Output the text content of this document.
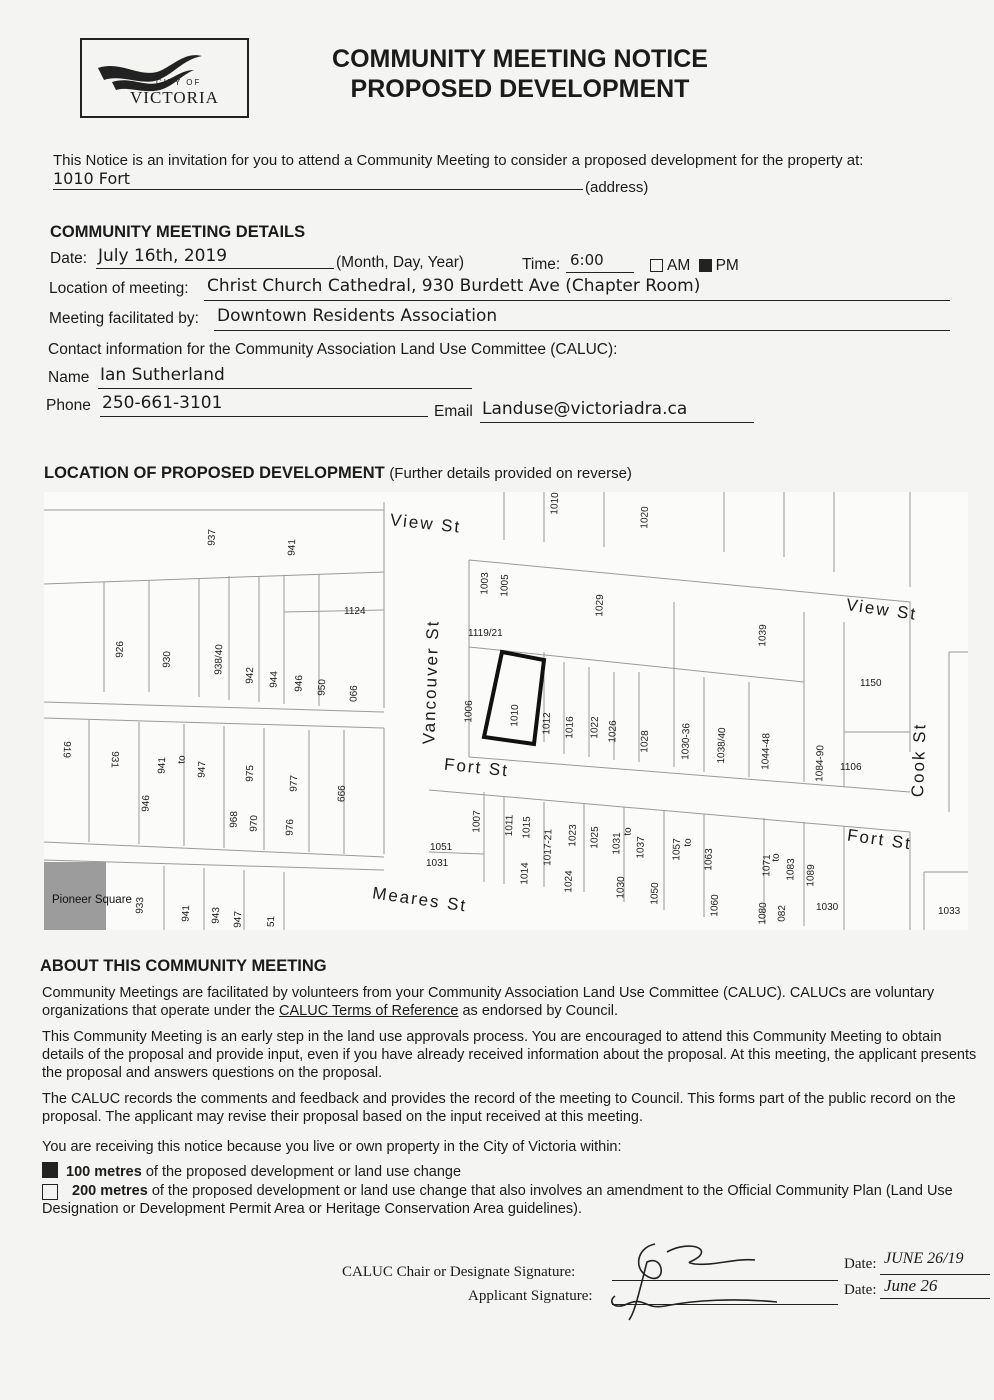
CITY OF
VICTORIA
COMMUNITY MEETING NOTICE
PROPOSED DEVELOPMENT
This Notice is an invitation for you to attend a Community Meeting to consider a proposed development for the property at:
1010 Fort	(address)
COMMUNITY MEETING DETAILS
Date: July 16th, 2019	(Month, Day, Year)	Time: 6:00	AM PM
Location of meeting: Christ Church Cathedral, 930 Burdett Ave (Chapter Room)
Meeting facilitated by: Downtown Residents Association
Contact information for the Community Association Land Use Committee (CALUC):
Name Ian Sutherland
Phone 250-661-3101	Email Landuse@victoriadra.ca
LOCATION OF PROPOSED DEVELOPMENT (Further details provided on reverse)
View St
View St
Vancouver St
Fort St
Fort St
Meares St
Cook St
Pioneer Square
937
941
1124
926
930	938/40
942 944 946 950 990
919
931	941 to
947
946
975
968 970
977
976
999
1010
1020
1003 1005
1029
1119/21	1039
1150
1006	1010 1012 1016 1022 1026 1028	1030-36 1038/40	1044-48	1084-90 1106
1007 1011 1015
1017-21 1023 1025 1031
to
1037 1057 to
1063	1071
to
1083 1089
1051
1031	1014	1024	1030 1050
1060	1080 082	1030	1033
933	941 943 947 51
ABOUT THIS COMMUNITY MEETING
Community Meetings are facilitated by volunteers from your Community Association Land Use Committee (CALUC). CALUCs are voluntary organizations that operate under the CALUC Terms of Reference as endorsed by Council.
This Community Meeting is an early step in the land use approvals process. You are encouraged to attend this Community Meeting to obtain details of the proposal and provide input, even if you have already received information about the proposal. At this meeting, the applicant presents the proposal and answers questions on the proposal.
The CALUC records the comments and feedback and provides the record of the meeting to Council. This forms part of the public record on the proposal. The applicant may revise their proposal based on the input received at this meeting.
You are receiving this notice because you live or own property in the City of Victoria within:
100 metres of the proposed development or land use change
200 metres of the proposed development or land use change that also involves an amendment to the Official Community Plan (Land Use Designation or Development Permit Area or Heritage Conservation Area guidelines).
CALUC Chair or Designate Signature:
Applicant Signature:
Date: JUNE 26/19
Date: June 26
